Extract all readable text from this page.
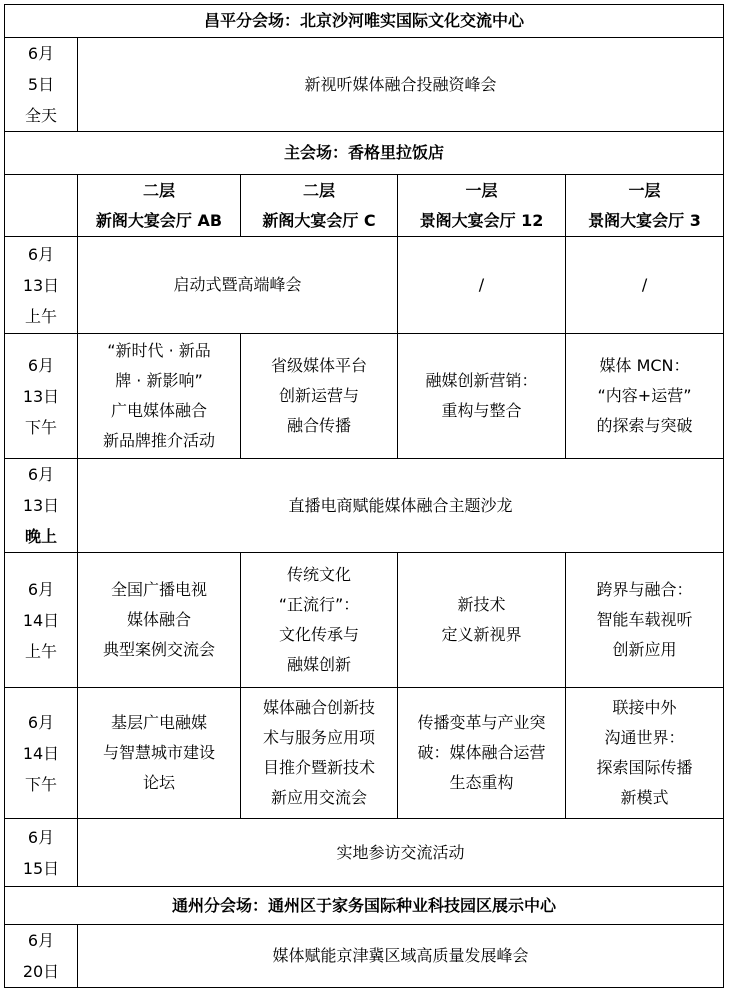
昌平分会场：北京沙河唯实国际文化交流中心				
6月
5日
全天	新视听媒体融合投融资峰会			
主会场：香格里拉饭店				
	二层
新阁大宴会厅 AB	二层
新阁大宴会厅 C	一层
景阁大宴会厅 12	一层
景阁大宴会厅 3
6月
13日
上午	启动式暨高端峰会		/	/
6月
13日
下午	“新时代 · 新品
牌 · 新影响”
广电媒体融合
新品牌推介活动	省级媒体平台
创新运营与
融合传播	融媒创新营销：
重构与整合	媒体 MCN：
“内容+运营”
的探索与突破
6月
13日
晚上	直播电商赋能媒体融合主题沙龙			
6月
14日
上午	全国广播电视
媒体融合
典型案例交流会	传统文化
“正流行”：
文化传承与
融媒创新	新技术
定义新视界	跨界与融合：
智能车载视听
创新应用
6月
14日
下午	基层广电融媒
与智慧城市建设
论坛	媒体融合创新技
术与服务应用项
目推介暨新技术
新应用交流会	传播变革与产业突
破：媒体融合运营
生态重构	联接中外
沟通世界：
探索国际传播
新模式
6月
15日	实地参访交流活动			
通州分会场：通州区于家务国际种业科技园区展示中心				
6月
20日	媒体赋能京津冀区域高质量发展峰会			
